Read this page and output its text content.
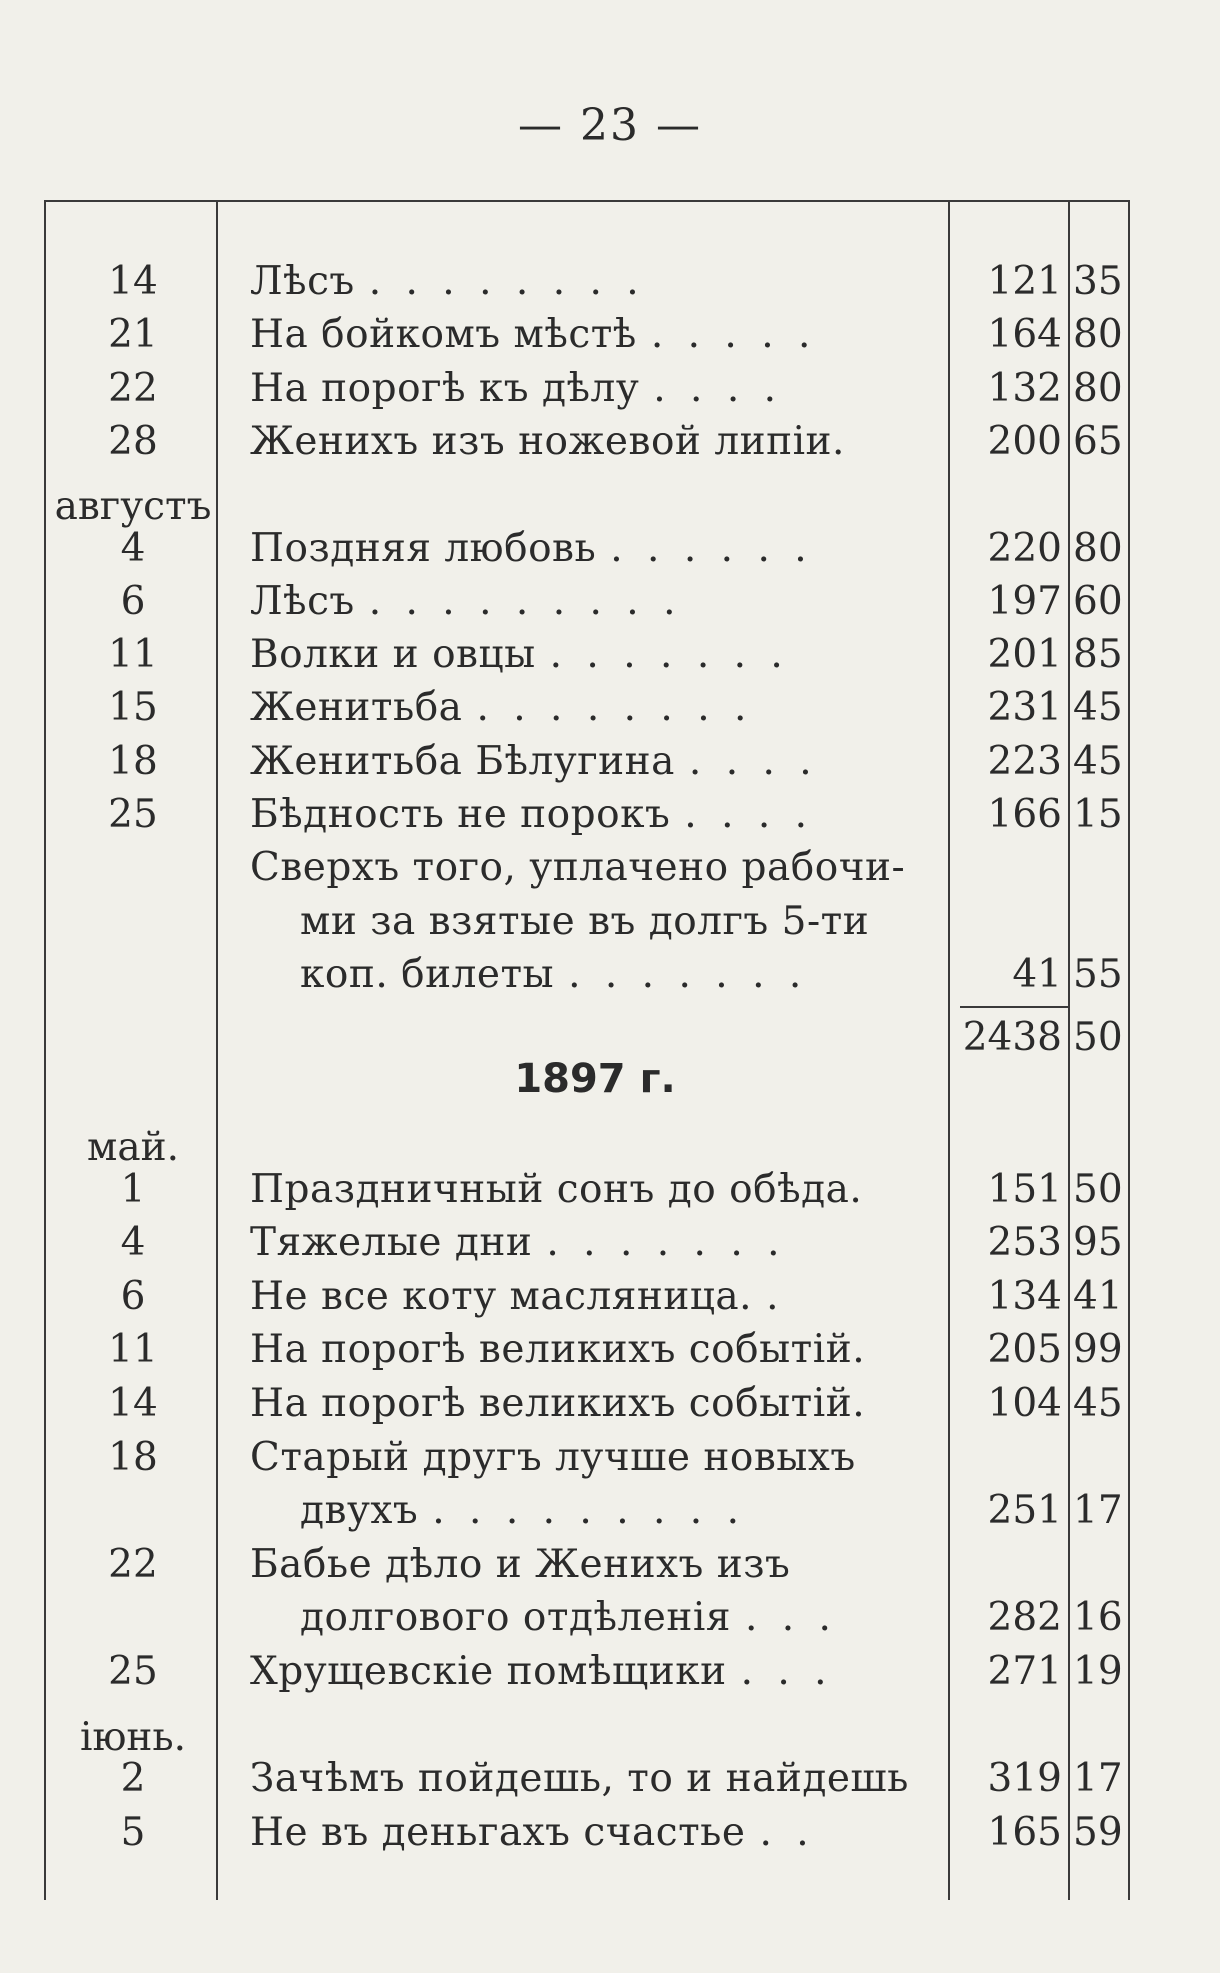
— 23 —
14	Лѣсъ . . . . . . . .	121 35
21	На бойкомъ мѣстѣ . . . . .	164 80
22	На порогѣ къ дѣлу . . . .	132 80
28	Женихъ изъ ножевой липіи.	200 65
августъ
4	Поздняя любовь . . . . . .	220 80
6	Лѣсъ . . . . . . . . .	197 60
11	Волки и овцы . . . . . . .	201 85
15	Женитьба . . . . . . . .	231 45
18	Женитьба Бѣлугина . . . .	223 45
25	Бѣдность не порокъ . . . .	166 15
Сверхъ того, уплачено рабочи-
ми за взятые въ долгъ 5-ти
коп. билеты . . . . . . .	41 55
2438 50
1897 г.
май.
1	Праздничный сонъ до обѣда.	151 50
4	Тяжелые дни . . . . . . .	253 95
6	Не все коту масляница. .	134 41
11	На порогѣ великихъ событій.	205 99
14	На порогѣ великихъ событій.	104 45
18	Старый другъ лучше новыхъ
двухъ . . . . . . . . .	251 17
22	Бабье дѣло и Женихъ изъ
долгового отдѣленія . . .	282 16
25	Хрущевскіе помѣщики . . .	271 19
іюнь.
2	Зачѣмъ пойдешь, то и найдешь	319 17
5	Не въ деньгахъ счастье . .	165 59
